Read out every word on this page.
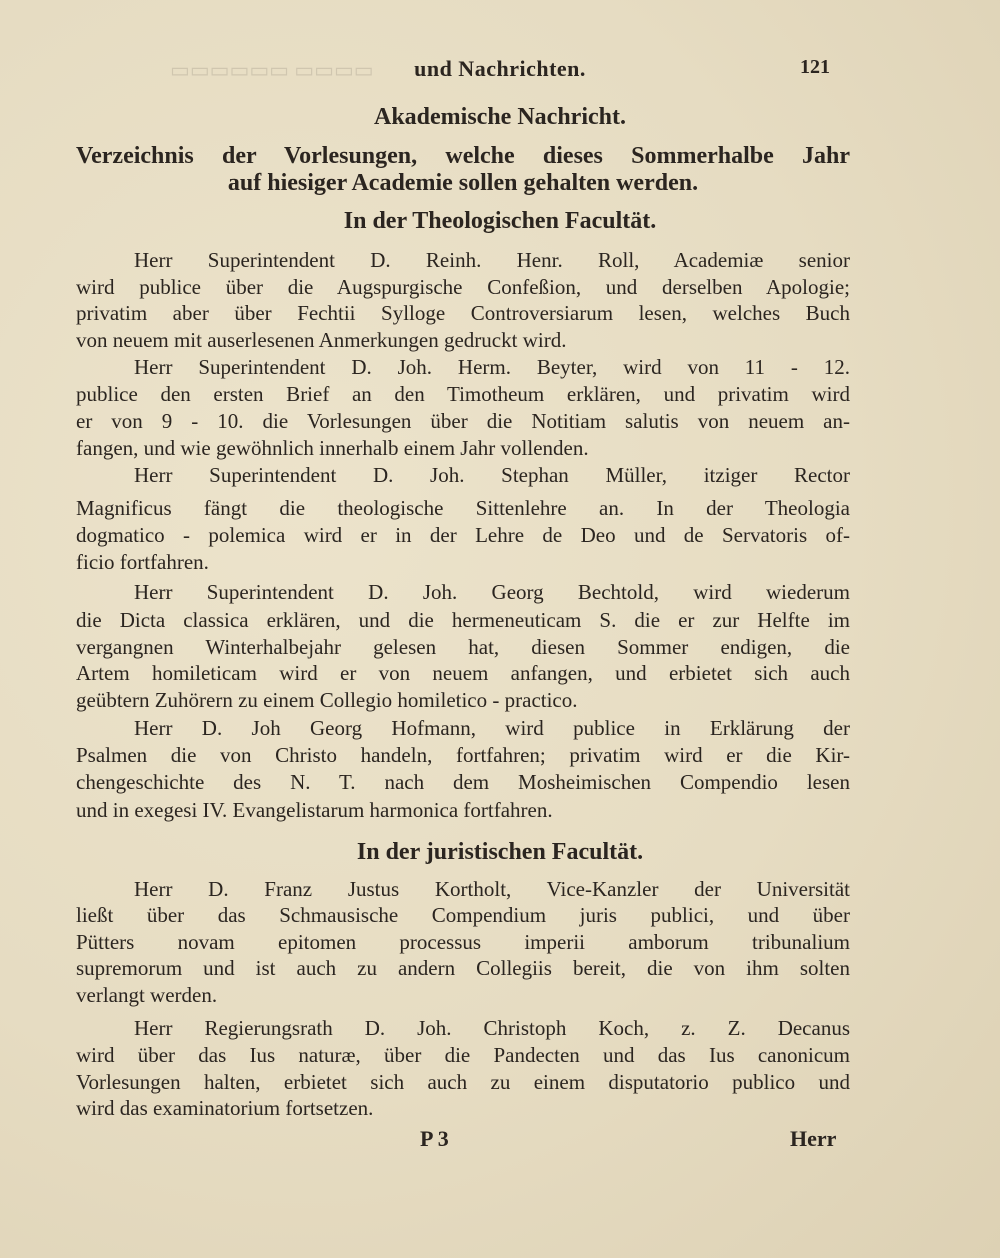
▭▭▭▭ ▭▭▭▭▭▭	und Nachrichten.	121
Akademische Nachricht.
Verzeichnis der Vorlesungen, welche dieses Sommerhalbe Jahr
auf hiesiger Academie sollen gehalten werden.
In der Theologischen Facultät.
Herr Superintendent D. Reinh. Henr. Roll, Academiæ senior
wird publice über die Augspurgische Confeßion, und derselben Apologie;
privatim aber über Fechtii Sylloge Controversiarum lesen, welches Buch
von neuem mit auserlesenen Anmerkungen gedruckt wird.
Herr Superintendent D. Joh. Herm. Beyter, wird von 11 - 12.
publice den ersten Brief an den Timotheum erklären, und privatim wird
er von 9 - 10. die Vorlesungen über die Notitiam salutis von neuem an-
fangen, und wie gewöhnlich innerhalb einem Jahr vollenden.
Herr Superintendent D. Joh. Stephan Müller, itziger Rector
Magnificus fängt die theologische Sittenlehre an. In der Theologia
dogmatico - polemica wird er in der Lehre de Deo und de Servatoris of-
ficio fortfahren.
Herr Superintendent D. Joh. Georg Bechtold, wird wiederum
die Dicta classica erklären, und die hermeneuticam S. die er zur Helfte im
vergangnen Winterhalbejahr gelesen hat, diesen Sommer endigen, die
Artem homileticam wird er von neuem anfangen, und erbietet sich auch
geübtern Zuhörern zu einem Collegio homiletico - practico.
Herr D. Joh Georg Hofmann, wird publice in Erklärung der
Psalmen die von Christo handeln, fortfahren; privatim wird er die Kir-
chengeschichte des N. T. nach dem Mosheimischen Compendio lesen
und in exegesi IV. Evangelistarum harmonica fortfahren.
In der juristischen Facultät.
Herr D. Franz Justus Kortholt, Vice-Kanzler der Universität
ließt über das Schmausische Compendium juris publici, und über
Pütters novam epitomen processus imperii amborum tribunalium
supremorum und ist auch zu andern Collegiis bereit, die von ihm solten
verlangt werden.
Herr Regierungsrath D. Joh. Christoph Koch, z. Z. Decanus
wird über das Ius naturæ, über die Pandecten und das Ius canonicum
Vorlesungen halten, erbietet sich auch zu einem disputatorio publico und
wird das examinatorium fortsetzen.
P 3	Herr
